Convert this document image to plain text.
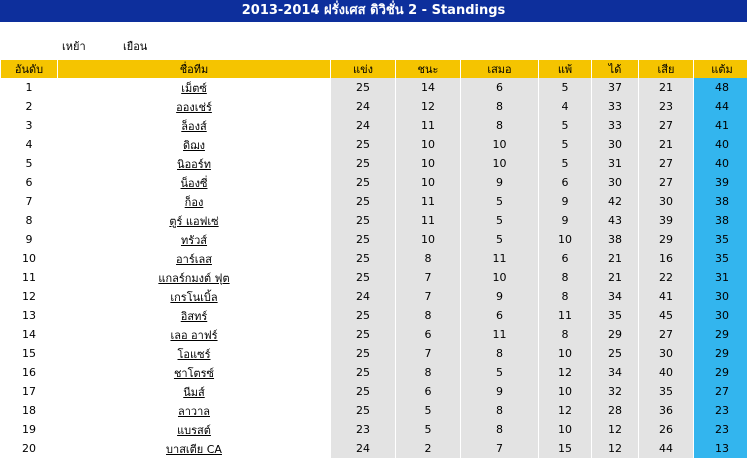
2013-2014 ฝรั่งเศส ดิวิชั่น 2 - Standings
เหย้า	เยือน
อันดับ	ชื่อทีม	แข่ง	ชนะ	เสมอ	แพ้	ได้	เสีย	แต้ม
1	เม็ตซ์	25	14	6	5	37	21	48
2	อองเช่ร์	24	12	8	4	33	23	44
3	ล็องส์	24	11	8	5	33	27	41
4	ดิฌง	25	10	10	5	30	21	40
5	นิออร์ท	25	10	10	5	31	27	40
6	น็องซี่	25	10	9	6	30	27	39
7	ก็อง	25	11	5	9	42	30	38
8	ตูร์ แอฟเซ่	25	11	5	9	43	39	38
9	ทรัวส์	25	10	5	10	38	29	35
10	อาร์เลส	25	8	11	6	21	16	35
11	แกลร์กมงต์ ฟุต	25	7	10	8	21	22	31
12	เกรโนเบิ้ล	24	7	9	8	34	41	30
13	อิสทร์	25	8	6	11	35	45	30
14	เลอ อาฟร์	25	6	11	8	29	27	29
15	โอแซร์	25	7	8	10	25	30	29
16	ชาโตรซ์	25	8	5	12	34	40	29
17	นีมส์	25	6	9	10	32	35	27
18	ลาวาล	25	5	8	12	28	36	23
19	แบรสต์	23	5	8	10	12	26	23
20	บาสเตีย CA	24	2	7	15	12	44	13
